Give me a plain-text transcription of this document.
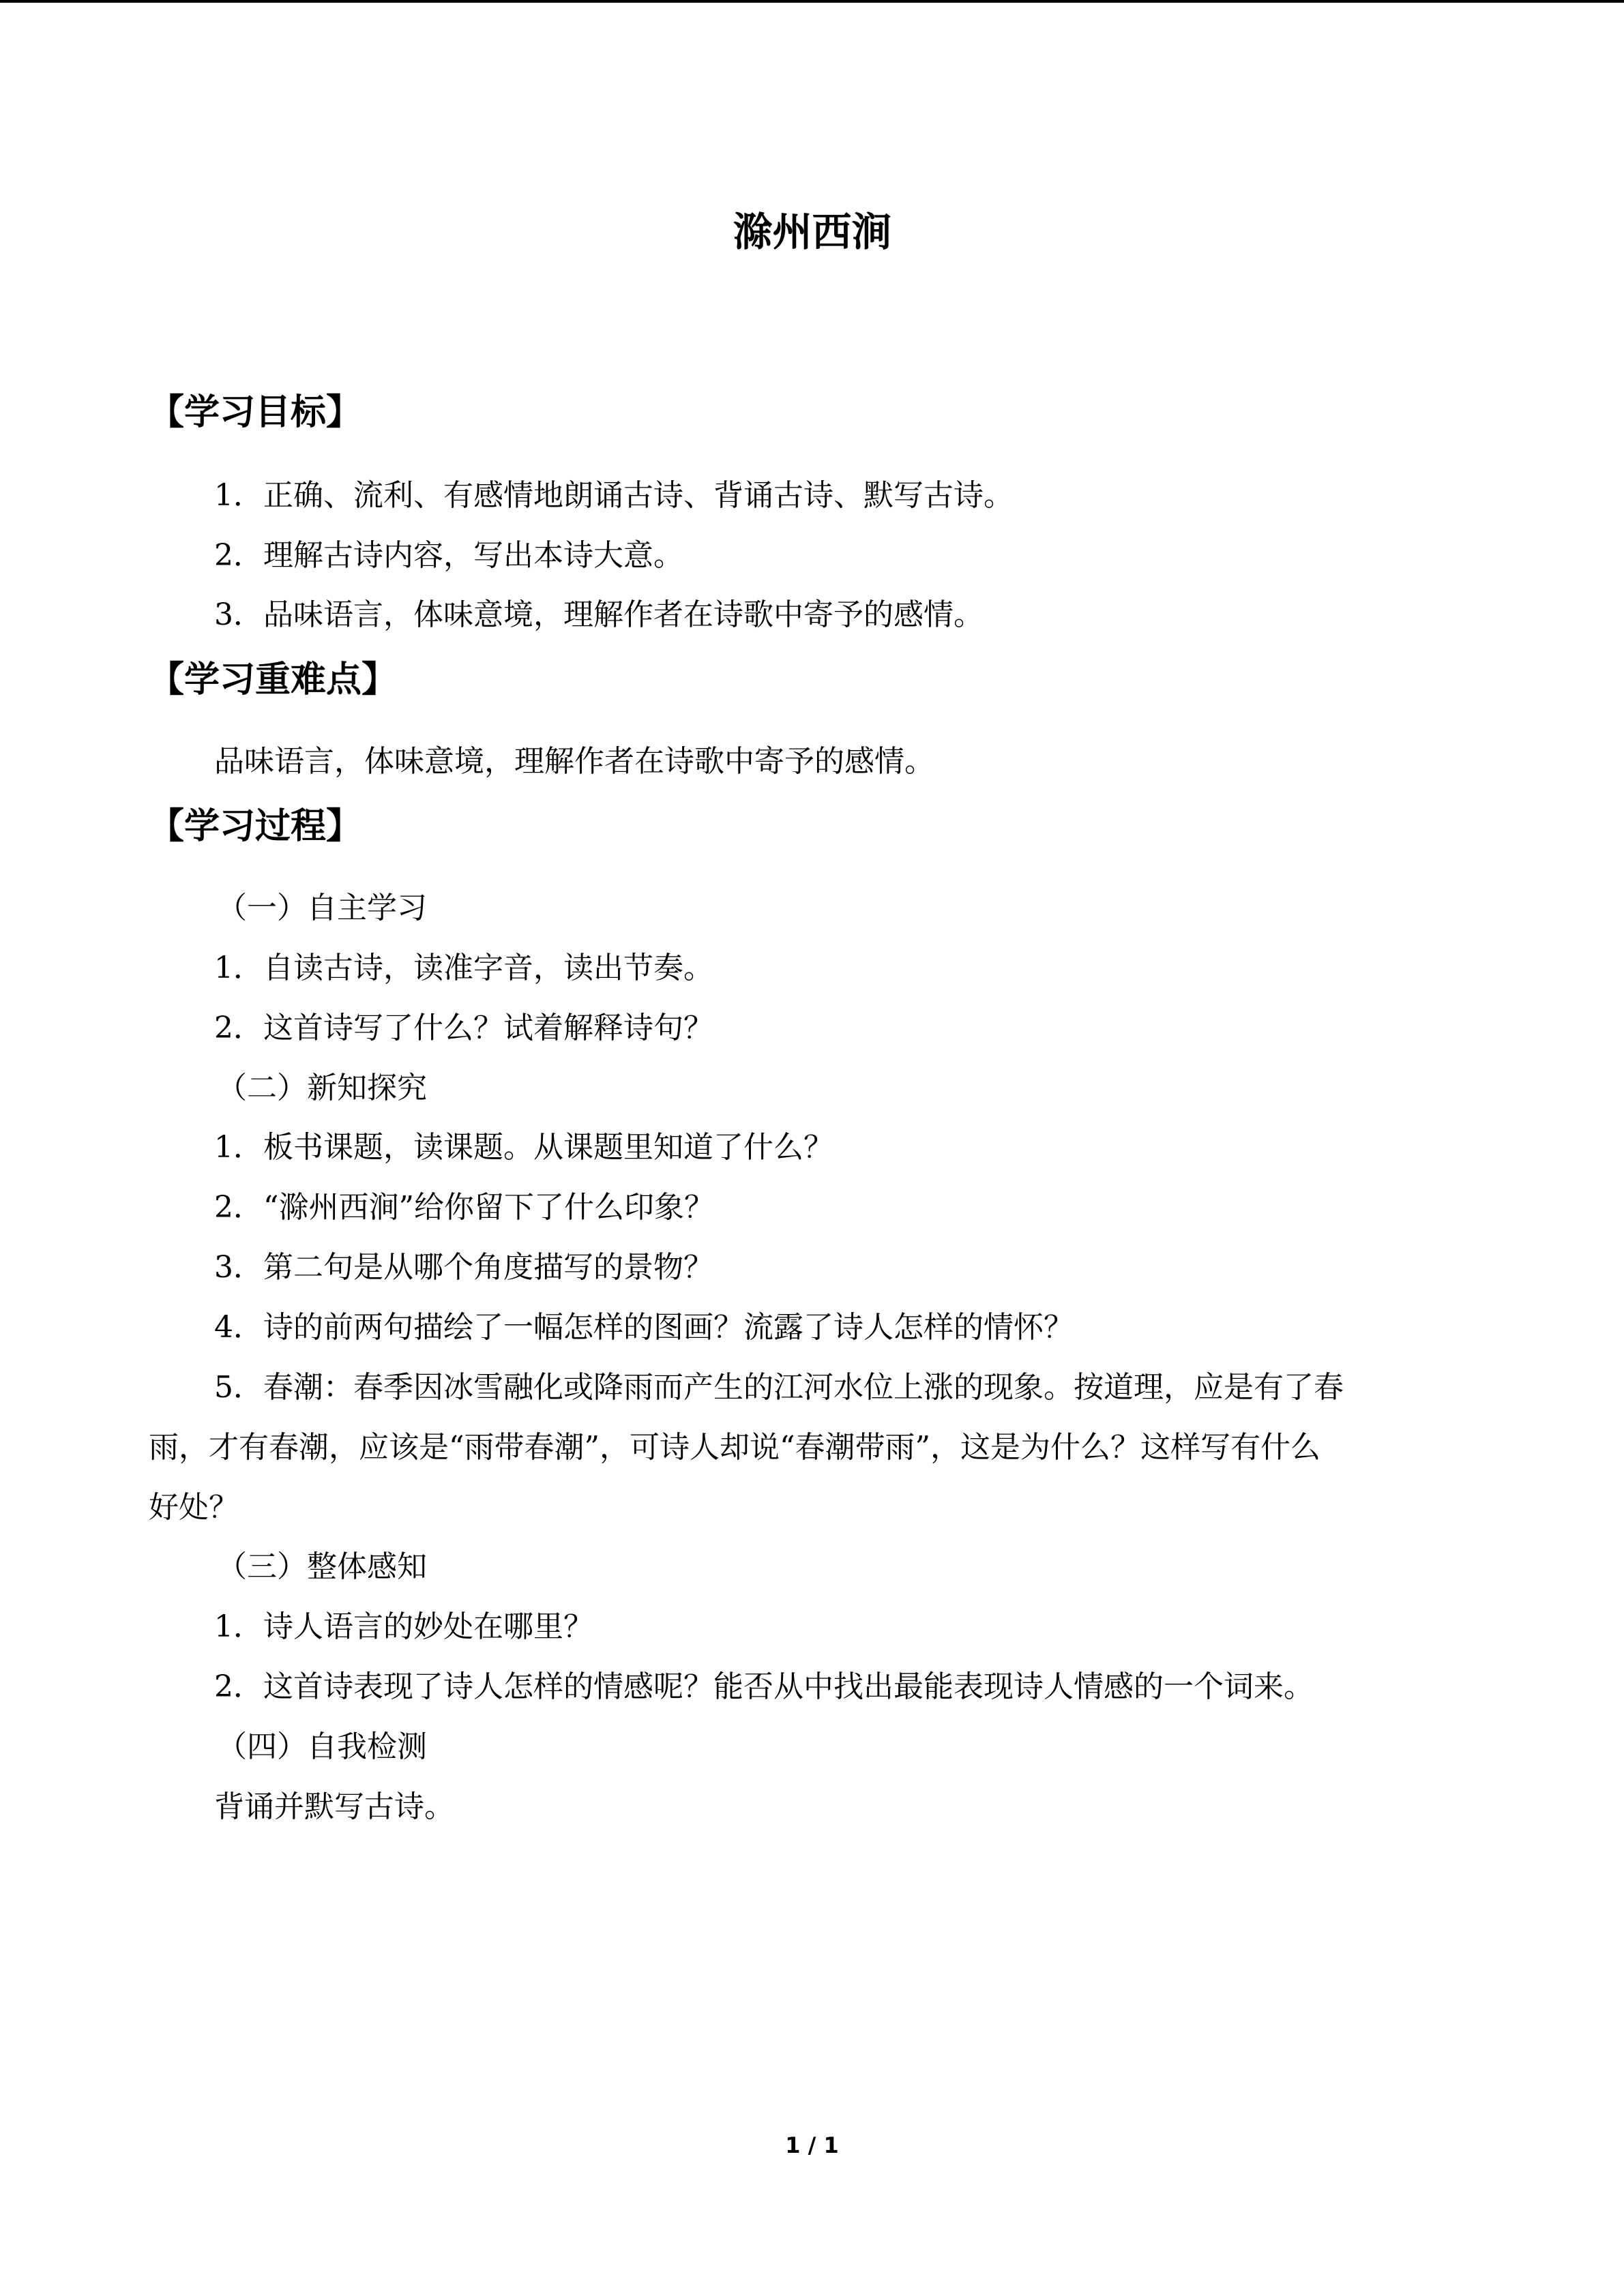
滁州西涧
【学习目标】
1．正确、流利、有感情地朗诵古诗、背诵古诗、默写古诗。
2．理解古诗内容，写出本诗大意。
3．品味语言，体味意境，理解作者在诗歌中寄予的感情。
【学习重难点】
品味语言，体味意境，理解作者在诗歌中寄予的感情。
【学习过程】
（一）自主学习
1．自读古诗，读准字音，读出节奏。
2．这首诗写了什么？试着解释诗句？
（二）新知探究
1．板书课题，读课题。从课题里知道了什么？
2．“滁州西涧”给你留下了什么印象？
3．第二句是从哪个角度描写的景物？
4．诗的前两句描绘了一幅怎样的图画？流露了诗人怎样的情怀？
5．春潮：春季因冰雪融化或降雨而产生的江河水位上涨的现象。按道理，应是有了春
雨，才有春潮，应该是“雨带春潮”，可诗人却说“春潮带雨”，这是为什么？这样写有什么
好处？
（三）整体感知
1．诗人语言的妙处在哪里？
2．这首诗表现了诗人怎样的情感呢？能否从中找出最能表现诗人情感的一个词来。
（四）自我检测
背诵并默写古诗。
1 / 1
